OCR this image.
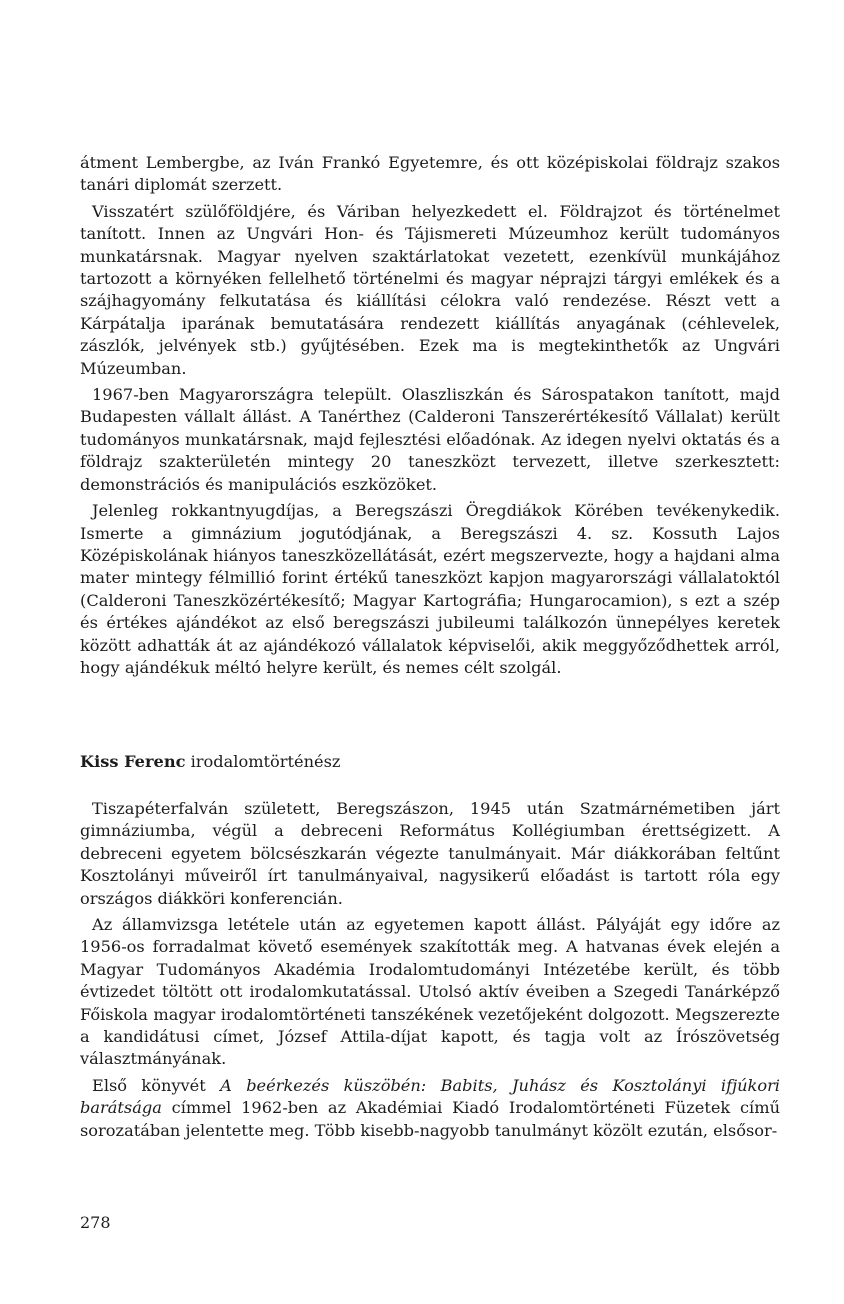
átment Lembergbe, az Iván Frankó Egyetemre, és ott középiskolai földrajz szakos tanári diplomát szerzett.

Visszatért szülőföldjére, és Váriban helyezkedett el. Földrajzot és történelmet tanított. Innen az Ungvári Hon- és Tájismereti Múzeumhoz került tudományos munkatársnak. Magyar nyelven szaktárlatokat vezetett, ezenkívül munkájához tartozott a környéken fellelhető történelmi és magyar néprajzi tárgyi emlékek és a szájhagyomány felkutatása és kiállítási célokra való rendezése. Részt vett a Kárpátalja iparának bemutatására rendezett kiállítás anyagának (céhlevelek, zászlók, jelvények stb.) gyűjtésében. Ezek ma is megtekinthetők az Ungvári Múzeumban.

1967-ben Magyarországra települt. Olaszliszkán és Sárospatakon tanított, majd Budapesten vállalt állást. A Tanérthez (Calderoni Tanszerértékesítő Vállalat) került tudományos munkatársnak, majd fejlesztési előadónak. Az idegen nyelvi oktatás és a földrajz szakterületén mintegy 20 taneszközt tervezett, illetve szerkesztett: demonstrációs és manipulációs eszközöket.

Jelenleg rokkantnyugdíjas, a Beregszászi Öregdiákok Körében tevékenykedik. Ismerte a gimnázium jogutódjának, a Beregszászi 4. sz. Kossuth Lajos Középiskolának hiányos taneszközellátását, ezért megszervezte, hogy a hajdani alma mater mintegy félmillió forint értékű taneszközt kapjon magyarországi vállalatoktól (Calderoni Taneszközértékesítő; Magyar Kartográfia; Hungarocamion), s ezt a szép és értékes ajándékot az első beregszászi jubileumi találkozón ünnepélyes keretek között adhatták át az ajándékozó vállalatok képviselői, akik meggyőződhettek arról, hogy ajándékuk méltó helyre került, és nemes célt szolgál.

Kiss Ferenc irodalomtörténész

Tiszapéterfalván született, Beregszászon, 1945 után Szatmárnémetiben járt gimnáziumba, végül a debreceni Református Kollégiumban érettségizett. A debreceni egyetem bölcsészkarán végezte tanulmányait. Már diákkorában feltűnt Kosztolányi műveiről írt tanulmányaival, nagysikerű előadást is tartott róla egy országos diákköri konferencián.

Az államvizsga letétele után az egyetemen kapott állást. Pályáját egy időre az 1956-os forradalmat követő események szakították meg. A hatvanas évek elején a Magyar Tudományos Akadémia Irodalomtudományi Intézetébe került, és több évtizedet töltött ott irodalomkutatással. Utolsó aktív éveiben a Szegedi Tanárképző Főiskola magyar irodalomtörténeti tanszékének vezetőjeként dolgozott. Megszerezte a kandidátusi címet, József Attila-díjat kapott, és tagja volt az Írószövetség választmányának.

Első könyvét A beérkezés küszöbén: Babits, Juhász és Kosztolányi ifjúkori barátsága címmel 1962-ben az Akadémiai Kiadó Irodalomtörténeti Füzetek című sorozatában jelentette meg. Több kisebb-nagyobb tanulmányt közölt ezután, elsősor-

278
